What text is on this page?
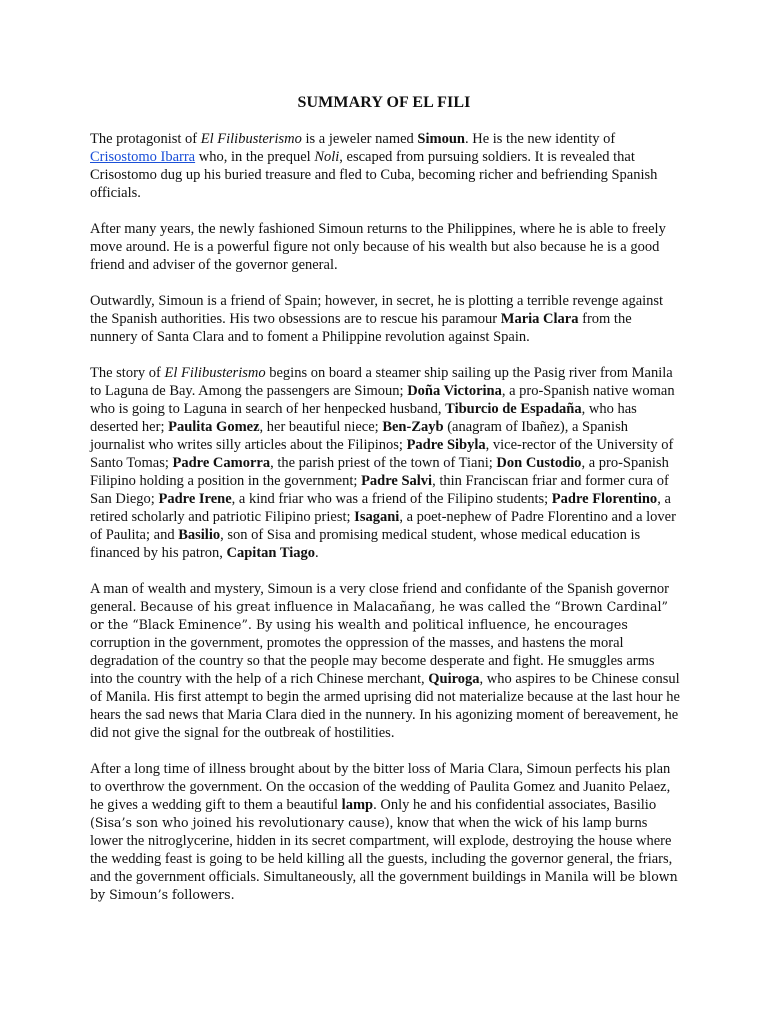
SUMMARY OF EL FILI

The protagonist of El Filibusterismo is a jeweler named Simoun. He is the new identity of Crisostomo Ibarra who, in the prequel Noli, escaped from pursuing soldiers. It is revealed that Crisostomo dug up his buried treasure and fled to Cuba, becoming richer and befriending Spanish officials.

After many years, the newly fashioned Simoun returns to the Philippines, where he is able to freely move around. He is a powerful figure not only because of his wealth but also because he is a good friend and adviser of the governor general.

Outwardly, Simoun is a friend of Spain; however, in secret, he is plotting a terrible revenge against the Spanish authorities. His two obsessions are to rescue his paramour Maria Clara from the nunnery of Santa Clara and to foment a Philippine revolution against Spain.

The story of El Filibusterismo begins on board a steamer ship sailing up the Pasig river from Manila to Laguna de Bay. Among the passengers are Simoun; Doña Victorina, a pro-Spanish native woman who is going to Laguna in search of her henpecked husband, Tiburcio de Espadaña, who has deserted her; Paulita Gomez, her beautiful niece; Ben-Zayb (anagram of Ibañez), a Spanish journalist who writes silly articles about the Filipinos; Padre Sibyla, vice-rector of the University of Santo Tomas; Padre Camorra, the parish priest of the town of Tiani; Don Custodio, a pro-Spanish Filipino holding a position in the government; Padre Salvi, thin Franciscan friar and former cura of San Diego; Padre Irene, a kind friar who was a friend of the Filipino students; Padre Florentino, a retired scholarly and patriotic Filipino priest; Isagani, a poet-nephew of Padre Florentino and a lover of Paulita; and Basilio, son of Sisa and promising medical student, whose medical education is financed by his patron, Capitan Tiago.

A man of wealth and mystery, Simoun is a very close friend and confidante of the Spanish governor general. Because of his great influence in Malacañang, he was called the “Brown Cardinal” or the “Black Eminence”. By using his wealth and political influence, he encourages corruption in the government, promotes the oppression of the masses, and hastens the moral degradation of the country so that the people may become desperate and fight. He smuggles arms into the country with the help of a rich Chinese merchant, Quiroga, who aspires to be Chinese consul of Manila. His first attempt to begin the armed uprising did not materialize because at the last hour he hears the sad news that Maria Clara died in the nunnery. In his agonizing moment of bereavement, he did not give the signal for the outbreak of hostilities.

After a long time of illness brought about by the bitter loss of Maria Clara, Simoun perfects his plan to overthrow the government. On the occasion of the wedding of Paulita Gomez and Juanito Pelaez, he gives a wedding gift to them a beautiful lamp. Only he and his confidential associates, Basilio (Sisa’s son who joined his revolutionary cause), know that when the wick of his lamp burns lower the nitroglycerine, hidden in its secret compartment, will explode, destroying the house where the wedding feast is going to be held killing all the guests, including the governor general, the friars, and the government officials. Simultaneously, all the government buildings in Manila will be blown by Simoun’s followers.
